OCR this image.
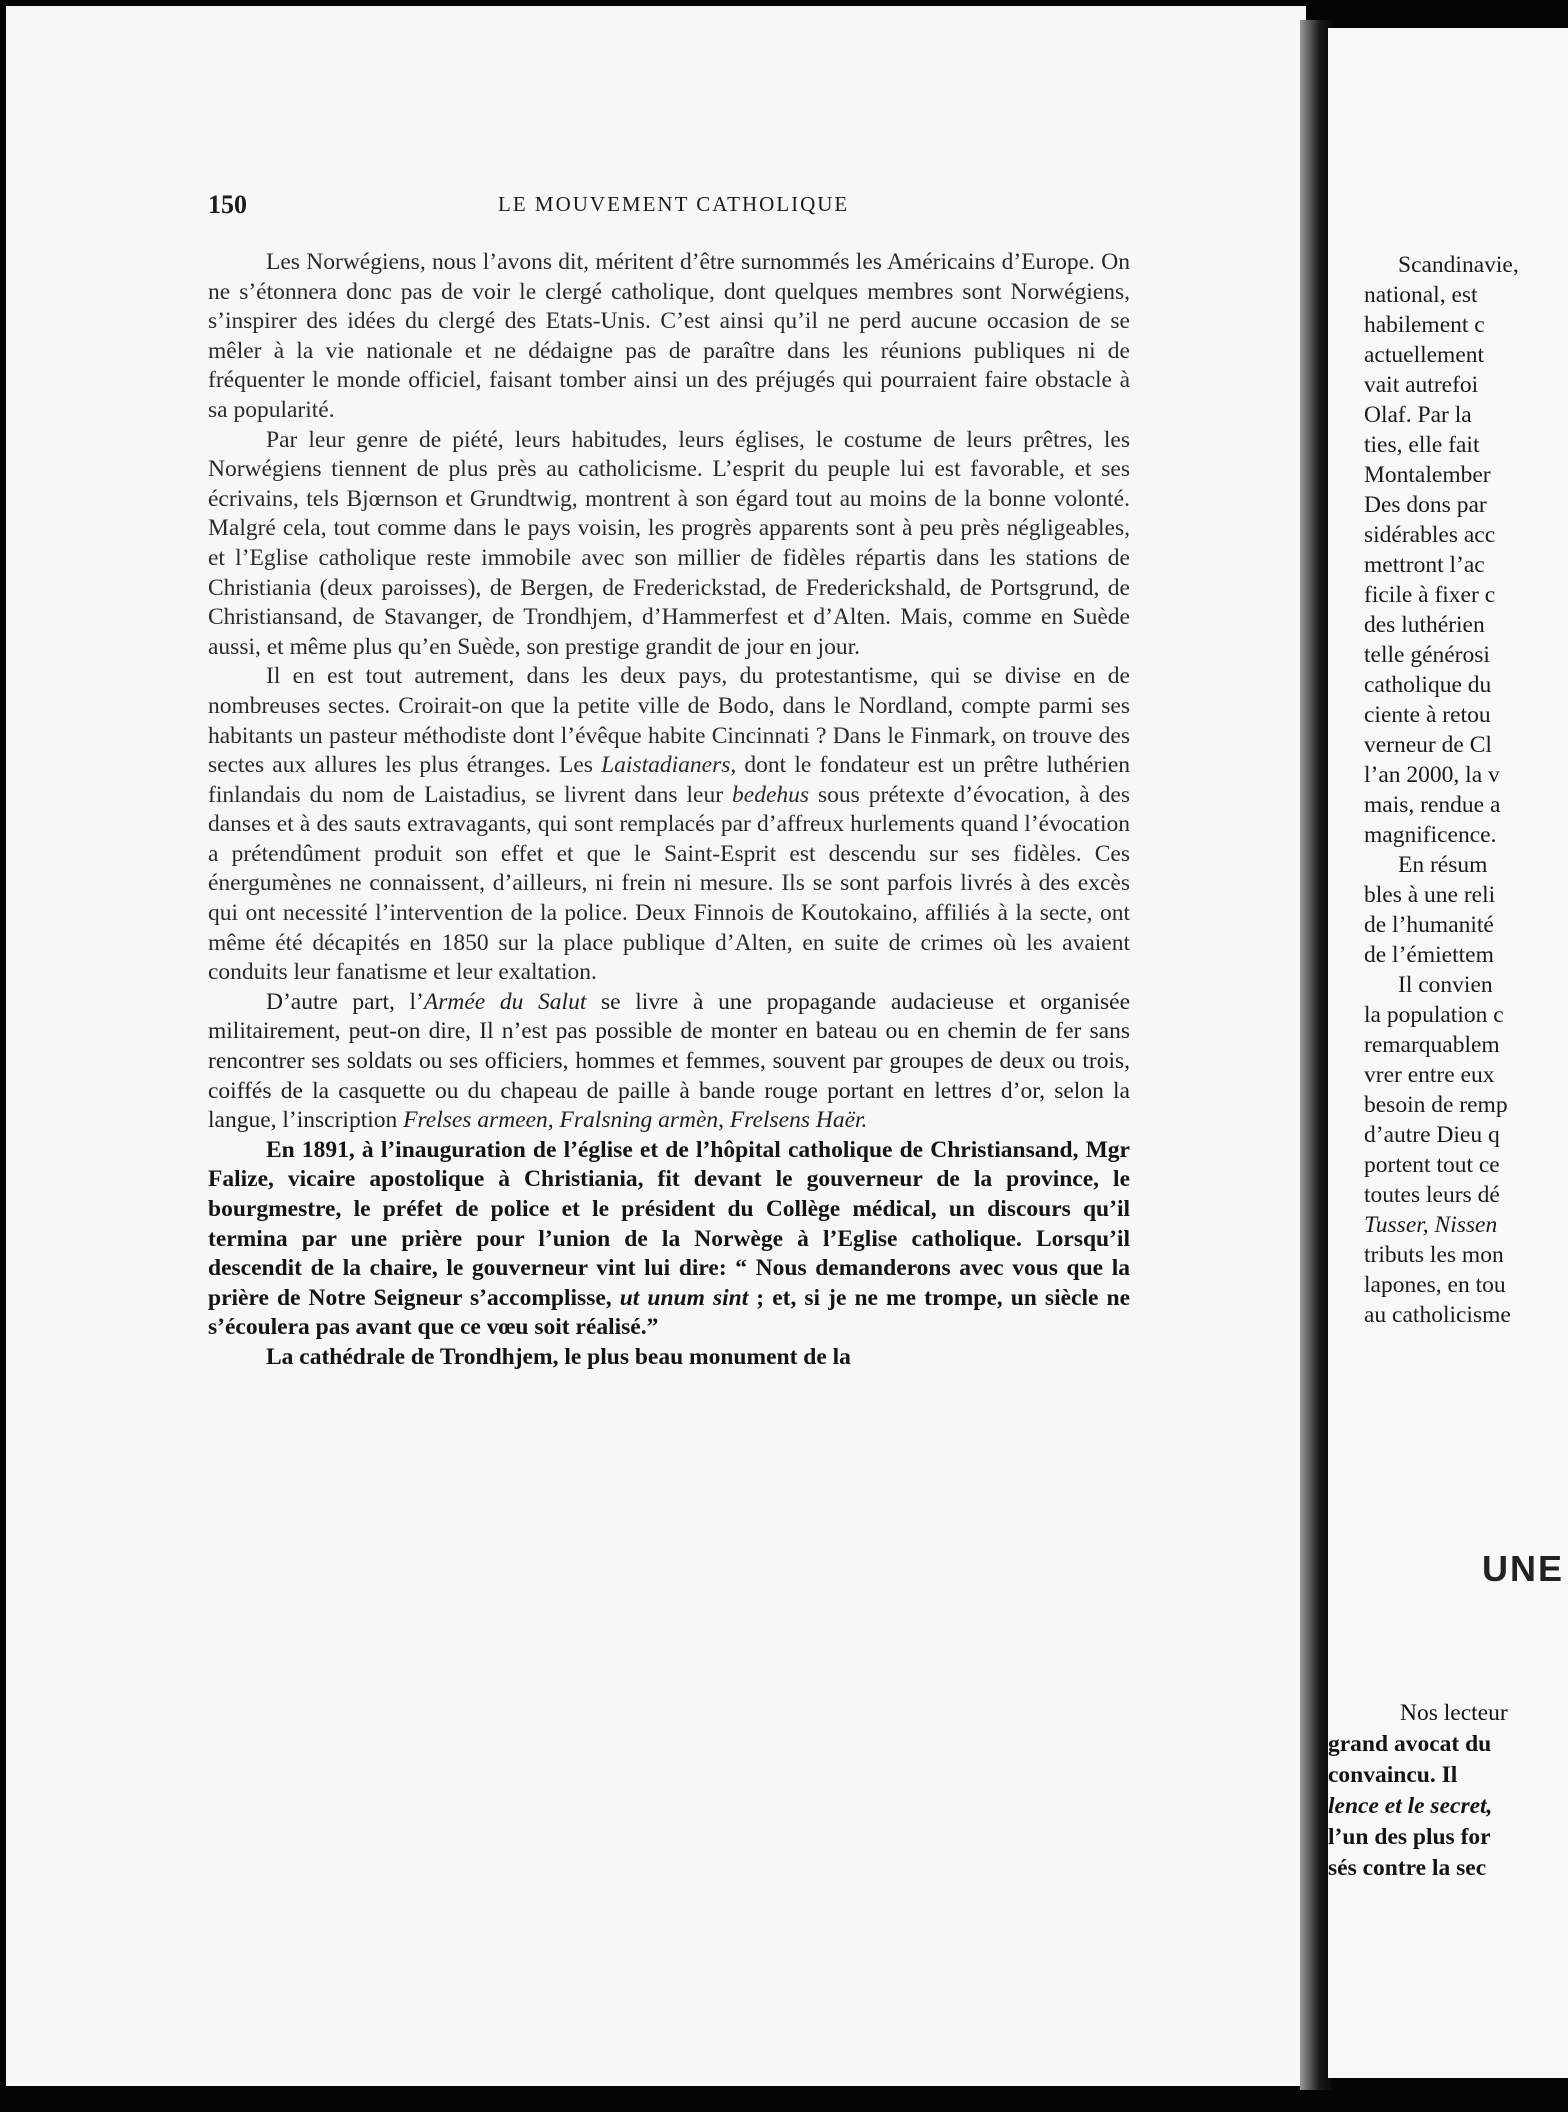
150	LE MOUVEMENT CATHOLIQUE

Les Norwégiens, nous l’avons dit, méritent d’être surnommés les Américains d’Europe. On ne s’étonnera donc pas de voir le clergé catholique, dont quelques membres sont Norwégiens, s’inspirer des idées du clergé des Etats-Unis. C’est ainsi qu’il ne perd aucune occasion de se mêler à la vie nationale et ne dédaigne pas de paraître dans les réunions publiques ni de fréquenter le monde officiel, faisant tomber ainsi un des préjugés qui pourraient faire obstacle à sa popularité.

Par leur genre de piété, leurs habitudes, leurs églises, le costume de leurs prêtres, les Norwégiens tiennent de plus près au catholicisme. L’esprit du peuple lui est favorable, et ses écrivains, tels Bjœrnson et Grundtwig, montrent à son égard tout au moins de la bonne volonté. Malgré cela, tout comme dans le pays voisin, les progrès apparents sont à peu près négligeables, et l’Eglise catholique reste immobile avec son millier de fidèles répartis dans les stations de Christiania (deux paroisses), de Bergen, de Frederickstad, de Frederickshald, de Portsgrund, de Christiansand, de Stavanger, de Trondhjem, d’Hammerfest et d’Alten. Mais, comme en Suède aussi, et même plus qu’en Suède, son prestige grandit de jour en jour.

Il en est tout autrement, dans les deux pays, du protestantisme, qui se divise en de nombreuses sectes. Croirait-on que la petite ville de Bodo, dans le Nordland, compte parmi ses habitants un pasteur méthodiste dont l’évêque habite Cincinnati ? Dans le Finmark, on trouve des sectes aux allures les plus étranges. Les Laistadianers, dont le fondateur est un prêtre luthérien finlandais du nom de Laistadius, se livrent dans leur bedehus sous prétexte d’évocation, à des danses et à des sauts extravagants, qui sont remplacés par d’affreux hurlements quand l’évocation a prétendûment produit son effet et que le Saint-Esprit est descendu sur ses fidèles. Ces énergumènes ne connaissent, d’ailleurs, ni frein ni mesure. Ils se sont parfois livrés à des excès qui ont necessité l’intervention de la police. Deux Finnois de Koutokaino, affiliés à la secte, ont même été décapités en 1850 sur la place publique d’Alten, en suite de crimes où les avaient conduits leur fanatisme et leur exaltation.

D’autre part, l’Armée du Salut se livre à une propagande audacieuse et organisée militairement, peut-on dire, Il n’est pas possible de monter en bateau ou en chemin de fer sans rencontrer ses soldats ou ses officiers, hommes et femmes, souvent par groupes de deux ou trois, coiffés de la casquette ou du chapeau de paille à bande rouge portant en lettres d’or, selon la langue, l’inscription Frelses armeen, Fralsning armèn, Frelsens Haër.

En 1891, à l’inauguration de l’église et de l’hôpital catholique de Christiansand, Mgr Falize, vicaire apostolique à Christiania, fit devant le gouverneur de la province, le bourgmestre, le préfet de police et le président du Collège médical, un discours qu’il termina par une prière pour l’union de la Norwège à l’Eglise catholique. Lorsqu’il descendit de la chaire, le gouverneur vint lui dire: “ Nous demanderons avec vous que la prière de Notre Seigneur s’accomplisse, ut unum sint ; et, si je ne me trompe, un siècle ne s’écoulera pas avant que ce vœu soit réalisé.”

La cathédrale de Trondhjem, le plus beau monument de la

Scandinavie,
national, est
habilement c
actuellement
vait autrefoi
Olaf. Par la
ties, elle fait
Montalember
Des dons par
sidérables acc
mettront l’ac
ficile à fixer c
des luthérien
telle générosi
catholique du
ciente à retou
verneur de Cl
l’an 2000, la v
mais, rendue a
magnificence.
En résum
bles à une reli
de l’humanité
de l’émiettem
Il convien
la population c
remarquablem
vrer entre eux
besoin de remp
d’autre Dieu q
portent tout ce
toutes leurs dé
Tusser, Nissen
tributs les mon
lapones, en tou
au catholicisme
UNE
Nos lecteur
grand avocat du
convaincu. Il
lence et le secret,
l’un des plus for
sés contre la sec
